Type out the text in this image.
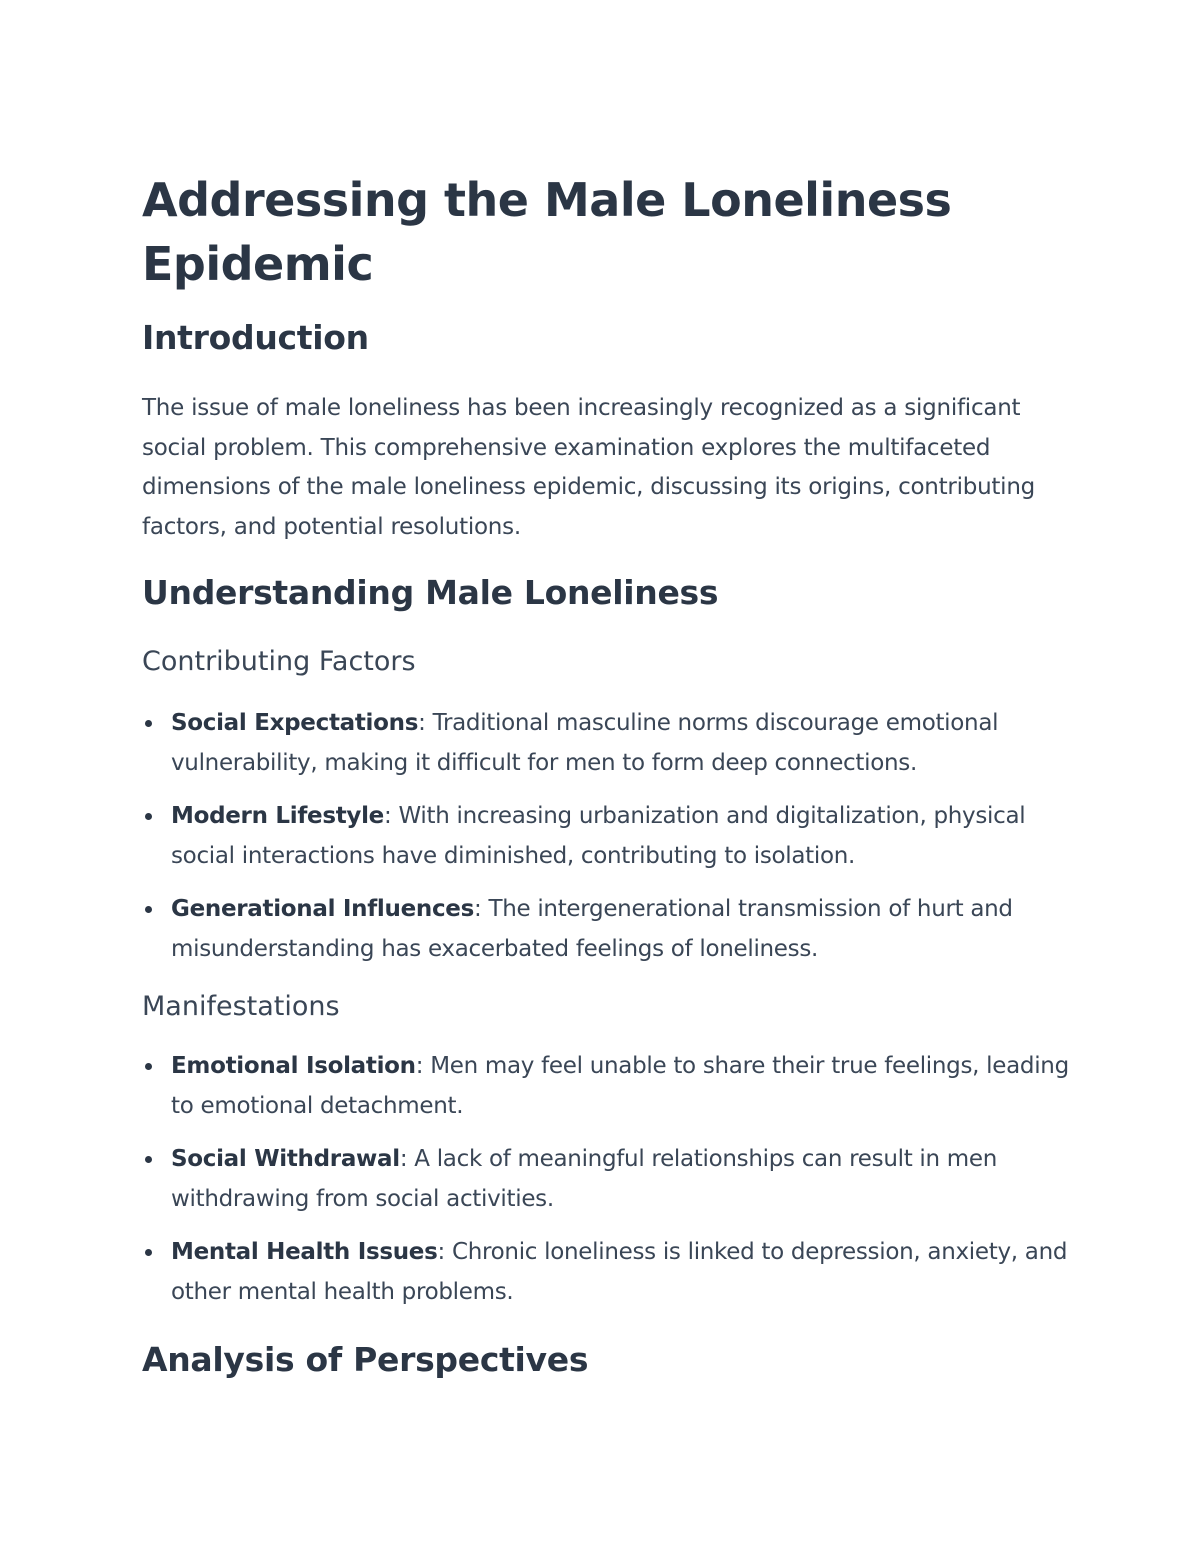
Addressing the Male Loneliness Epidemic
Introduction

The issue of male loneliness has been increasingly recognized as a significant social problem. This comprehensive examination explores the multifaceted dimensions of the male loneliness epidemic, discussing its origins, contributing factors, and potential resolutions.

Understanding Male Loneliness
Contributing Factors
Social Expectations: Traditional masculine norms discourage emotional vulnerability, making it difficult for men to form deep connections.
Modern Lifestyle: With increasing urbanization and digitalization, physical social interactions have diminished, contributing to isolation.
Generational Influences: The intergenerational transmission of hurt and misunderstanding has exacerbated feelings of loneliness.
Manifestations
Emotional Isolation: Men may feel unable to share their true feelings, leading to emotional detachment.
Social Withdrawal: A lack of meaningful relationships can result in men withdrawing from social activities.
Mental Health Issues: Chronic loneliness is linked to depression, anxiety, and other mental health problems.
Analysis of Perspectives
